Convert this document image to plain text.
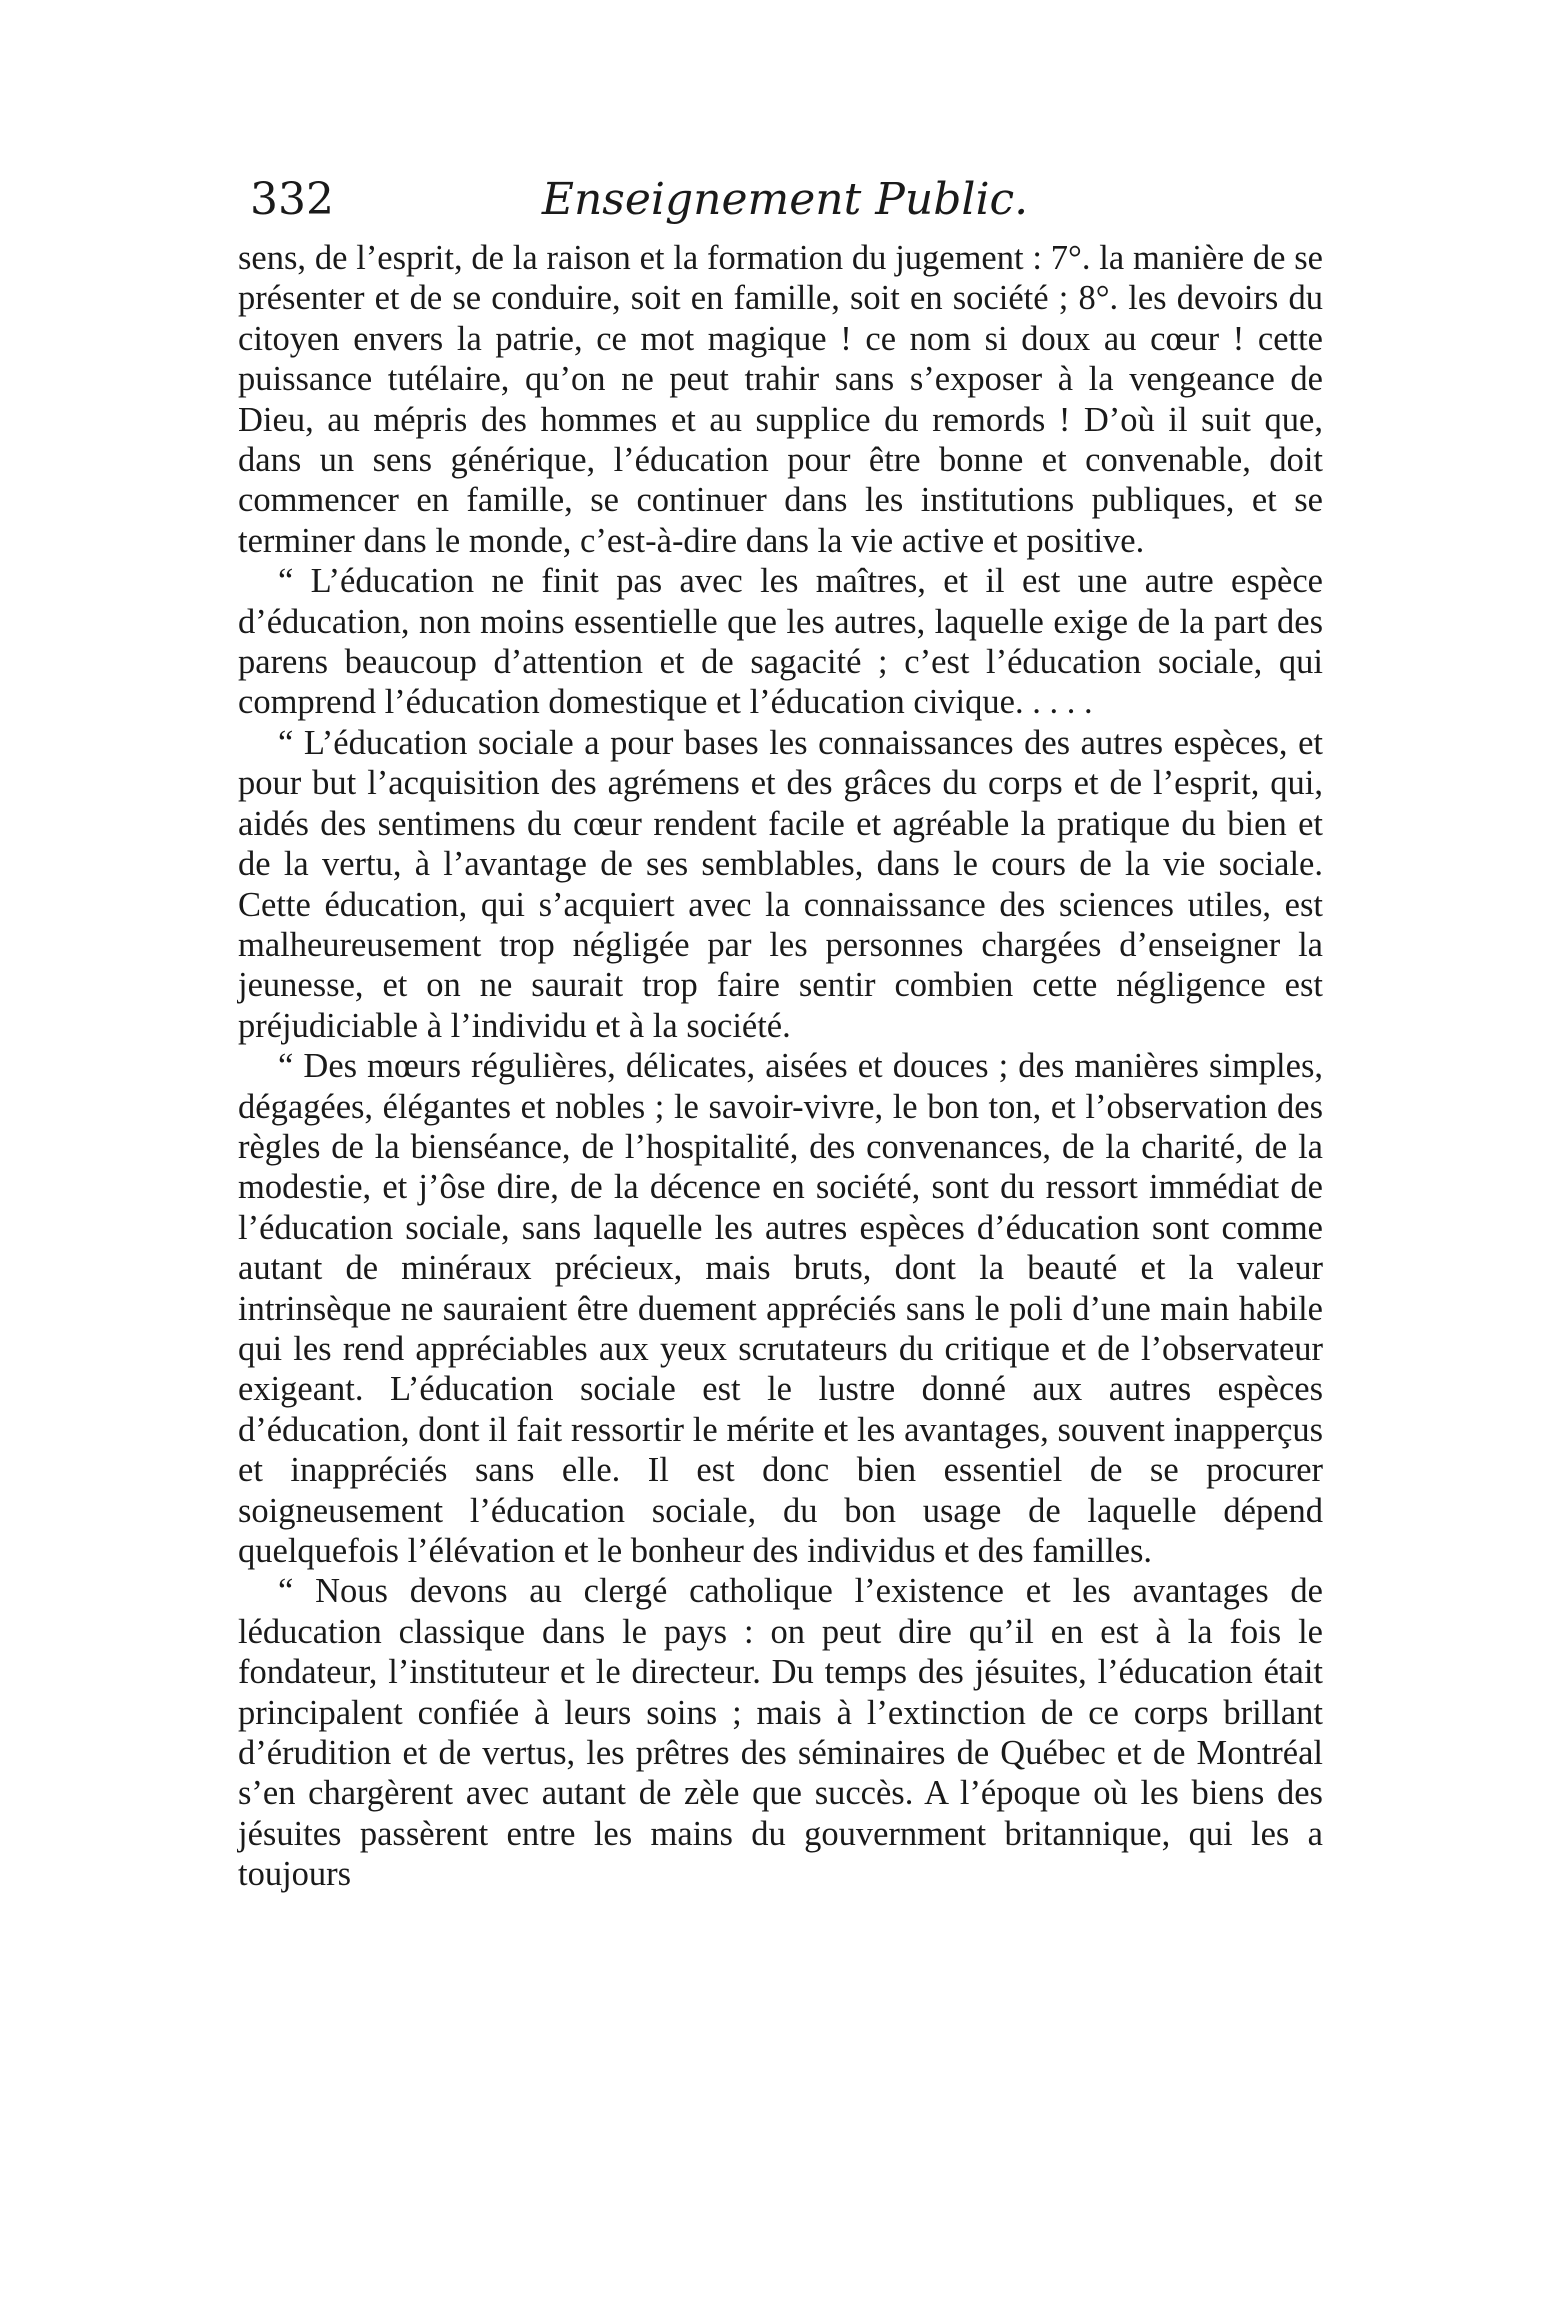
332	Enseignement Public.

sens, de l’esprit, de la raison et la formation du jugement : 7°. la manière de se présenter et de se conduire, soit en famille, soit en société ; 8°. les devoirs du citoyen envers la patrie, ce mot magique ! ce nom si doux au cœur ! cette puissance tutélaire, qu’on ne peut trahir sans s’exposer à la vengeance de Dieu, au mépris des hommes et au supplice du remords ! D’où il suit que, dans un sens générique, l’éducation pour être bonne et convenable, doit commencer en famille, se continuer dans les institutions publiques, et se terminer dans le monde, c’est-à-dire dans la vie active et positive.

“ L’éducation ne finit pas avec les maîtres, et il est une autre espèce d’éducation, non moins essentielle que les autres, laquelle exige de la part des parens beaucoup d’attention et de sagacité ; c’est l’éducation sociale, qui comprend l’éducation domestique et l’éducation civique. . . . .

“ L’éducation sociale a pour bases les connaissances des autres espèces, et pour but l’acquisition des agrémens et des grâces du corps et de l’esprit, qui, aidés des sentimens du cœur rendent facile et agréable la pratique du bien et de la vertu, à l’avantage de ses semblables, dans le cours de la vie sociale. Cette éducation, qui s’acquiert avec la connaissance des sciences utiles, est malheureusement trop négligée par les personnes chargées d’enseigner la jeunesse, et on ne saurait trop faire sentir combien cette négligence est préjudiciable à l’individu et à la société.

“ Des mœurs régulières, délicates, aisées et douces ; des manières simples, dégagées, élégantes et nobles ; le savoir-vivre, le bon ton, et l’observation des règles de la bienséance, de l’hospitalité, des convenances, de la charité, de la modestie, et j’ôse dire, de la décence en société, sont du ressort immédiat de l’éducation sociale, sans laquelle les autres espèces d’éducation sont comme autant de minéraux précieux, mais bruts, dont la beauté et la valeur intrinsèque ne sauraient être duement appréciés sans le poli d’une main habile qui les rend appréciables aux yeux scrutateurs du critique et de l’observateur exigeant. L’éducation sociale est le lustre donné aux autres espèces d’éducation, dont il fait ressortir le mérite et les avantages, souvent inapperçus et inappréciés sans elle. Il est donc bien essentiel de se procurer soigneusement l’éducation sociale, du bon usage de laquelle dépend quelquefois l’élévation et le bonheur des individus et des familles.

“ Nous devons au clergé catholique l’existence et les avantages de léducation classique dans le pays : on peut dire qu’il en est à la fois le fondateur, l’instituteur et le directeur. Du temps des jésuites, l’éducation était principalent confiée à leurs soins ; mais à l’extinction de ce corps brillant d’érudition et de vertus, les prêtres des séminaires de Québec et de Montréal s’en chargèrent avec autant de zèle que succès. A l’époque où les biens des jésuites passèrent entre les mains du gouvernment britannique, qui les a toujours
